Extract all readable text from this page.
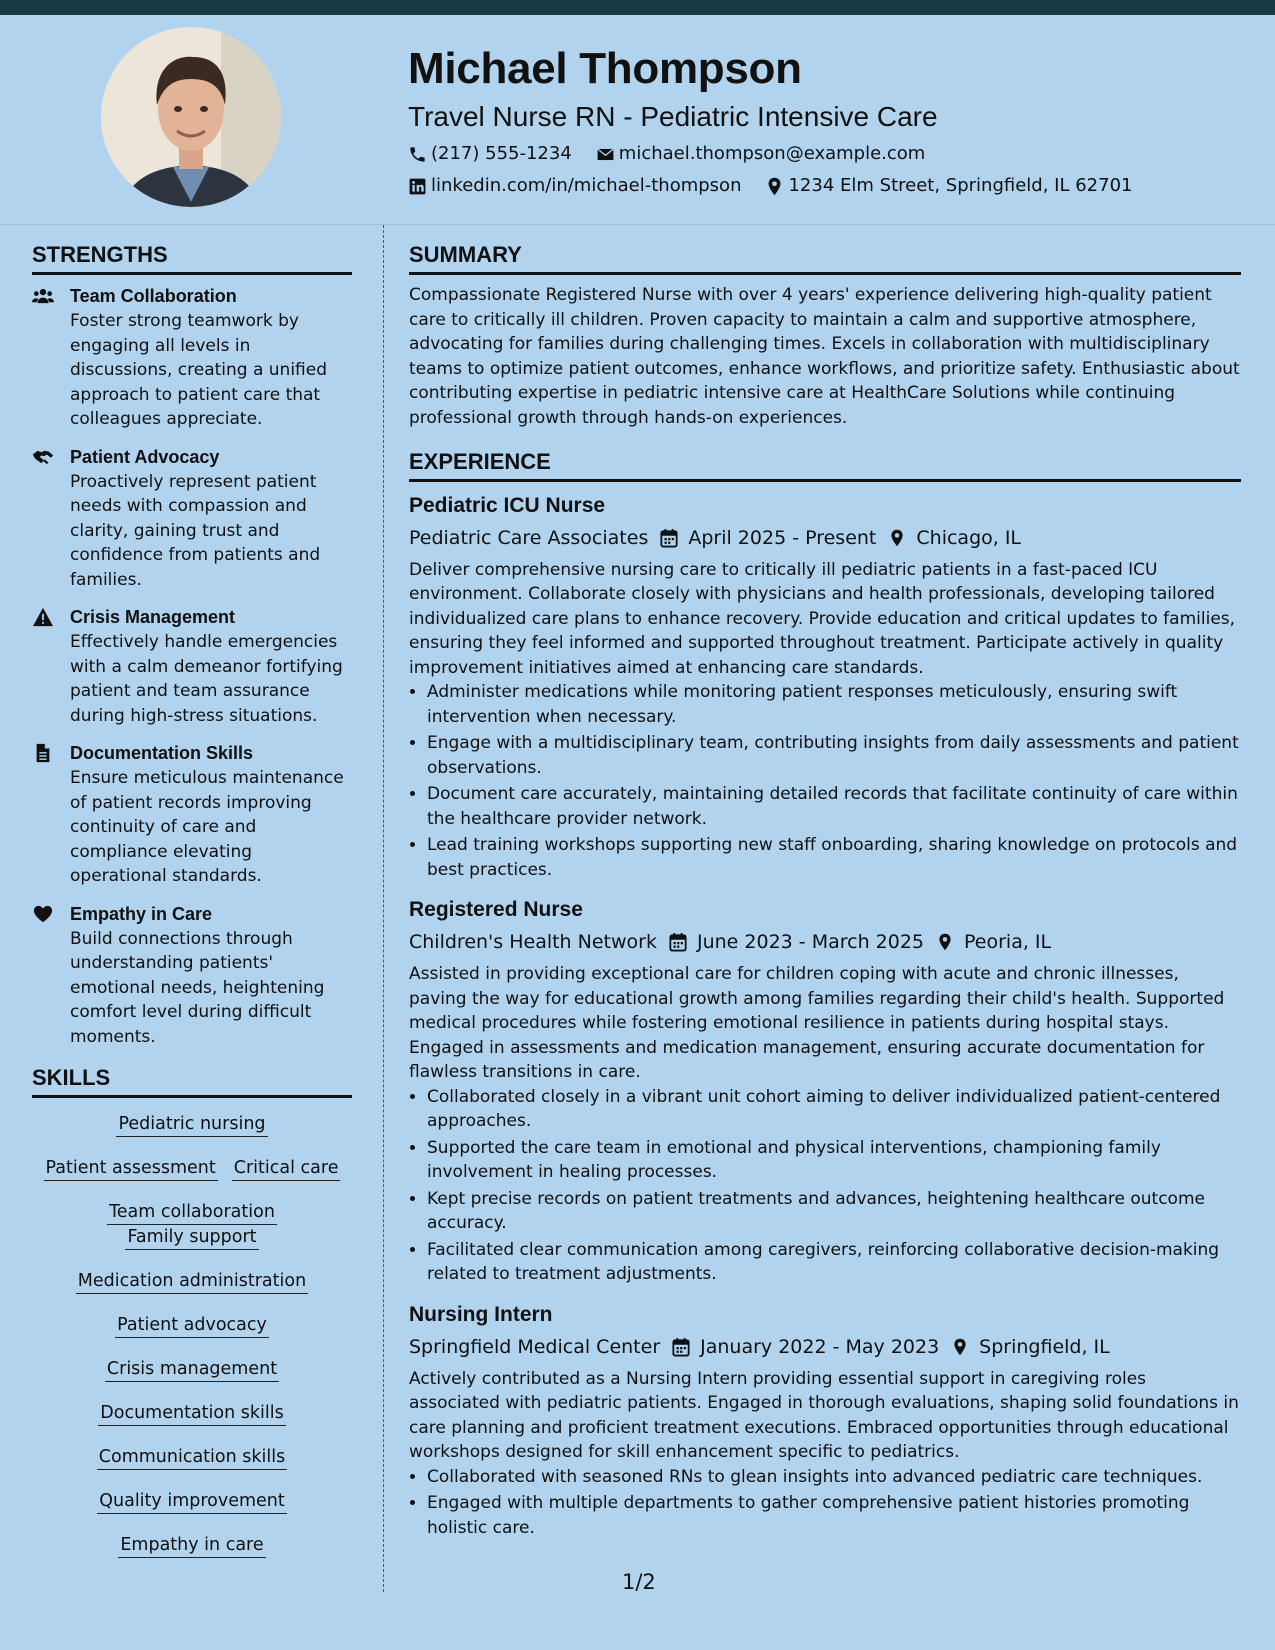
Michael Thompson
Travel Nurse RN - Pediatric Intensive Care
(217) 555-1234	michael.thompson@example.com
linkedin.com/in/michael-thompson	1234 Elm Street, Springfield, IL 62701
STRENGTHS
Team Collaboration
Foster strong teamwork by engaging all levels in discussions, creating a unified approach to patient care that colleagues appreciate.
Patient Advocacy
Proactively represent patient needs with compassion and clarity, gaining trust and confidence from patients and families.
Crisis Management
Effectively handle emergencies with a calm demeanor fortifying patient and team assurance during high-stress situations.
Documentation Skills
Ensure meticulous maintenance of patient records improving continuity of care and compliance elevating operational standards.
Empathy in Care
Build connections through understanding patients' emotional needs, heightening comfort level during difficult moments.
SKILLS
Pediatric nursing
Patient assessment Critical care
Team collaborationFamily support
Medication administration
Patient advocacy
Crisis management
Documentation skills
Communication skills
Quality improvement
Empathy in care
SUMMARY
Compassionate Registered Nurse with over 4 years' experience delivering high-quality patient care to critically ill children. Proven capacity to maintain a calm and supportive atmosphere, advocating for families during challenging times. Excels in collaboration with multidisciplinary teams to optimize patient outcomes, enhance workflows, and prioritize safety. Enthusiastic about contributing expertise in pediatric intensive care at HealthCare Solutions while continuing professional growth through hands-on experiences.
EXPERIENCE
Pediatric ICU Nurse
Pediatric Care Associates April 2025 - Present Chicago, IL
Deliver comprehensive nursing care to critically ill pediatric patients in a fast-paced ICU environment. Collaborate closely with physicians and health professionals, developing tailored individualized care plans to enhance recovery. Provide education and critical updates to families, ensuring they feel informed and supported throughout treatment. Participate actively in quality improvement initiatives aimed at enhancing care standards.
• Administer medications while monitoring patient responses meticulously, ensuring swift intervention when necessary.
• Engage with a multidisciplinary team, contributing insights from daily assessments and patient observations.
• Document care accurately, maintaining detailed records that facilitate continuity of care within the healthcare provider network.
• Lead training workshops supporting new staff onboarding, sharing knowledge on protocols and best practices.
Registered Nurse
Children's Health Network June 2023 - March 2025 Peoria, IL
Assisted in providing exceptional care for children coping with acute and chronic illnesses, paving the way for educational growth among families regarding their child's health. Supported medical procedures while fostering emotional resilience in patients during hospital stays. Engaged in assessments and medication management, ensuring accurate documentation for flawless transitions in care.
• Collaborated closely in a vibrant unit cohort aiming to deliver individualized patient-centered approaches.
• Supported the care team in emotional and physical interventions, championing family involvement in healing processes.
• Kept precise records on patient treatments and advances, heightening healthcare outcome accuracy.
• Facilitated clear communication among caregivers, reinforcing collaborative decision-making related to treatment adjustments.
Nursing Intern
Springfield Medical Center January 2022 - May 2023 Springfield, IL
Actively contributed as a Nursing Intern providing essential support in caregiving roles associated with pediatric patients. Engaged in thorough evaluations, shaping solid foundations in care planning and proficient treatment executions. Embraced opportunities through educational workshops designed for skill enhancement specific to pediatrics.
• Collaborated with seasoned RNs to glean insights into advanced pediatric care techniques.
• Engaged with multiple departments to gather comprehensive patient histories promoting holistic care.
1/2
